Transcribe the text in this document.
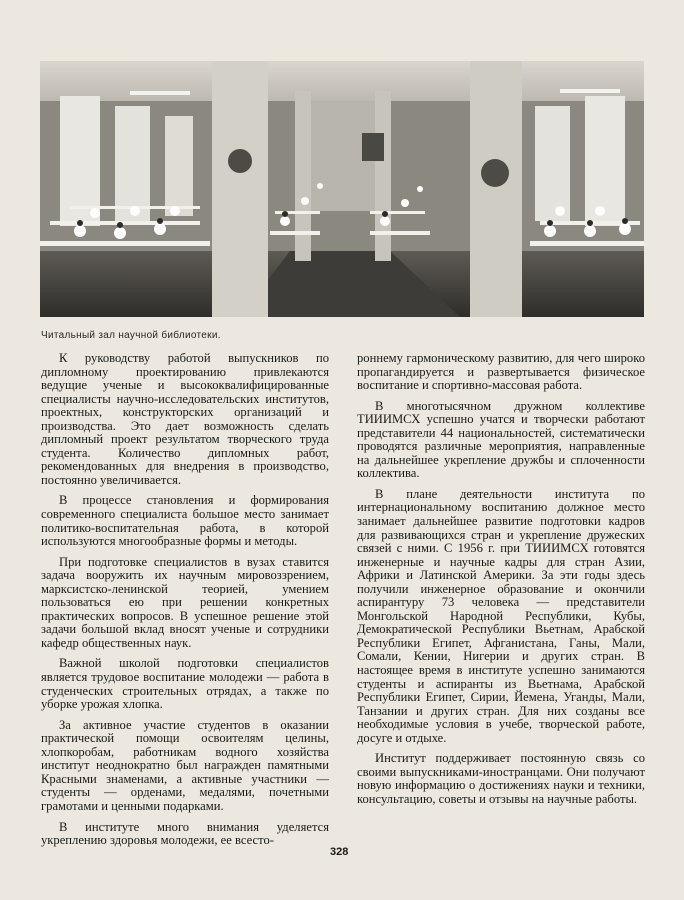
Читальный зал научной библиотеки.

К руководству работой выпускников по дипломному проектированию привлекаются ведущие ученые и высококвалифицированные специалисты научно-исследовательских институтов, проектных, конструкторских организаций и производства. Это дает возможность сделать дипломный проект результатом творческого труда студента. Количество дипломных работ, рекомендованных для внедрения в производство, постоянно увеличивается.

В процессе становления и формирования современного специалиста большое место занимает политико-воспитательная работа, в которой используются многообразные формы и методы.

При подготовке специалистов в вузах ставится задача вооружить их научным мировоззрением, марксистско-ленинской теорией, умением пользоваться ею при решении конкретных практических вопросов. В успешное решение этой задачи большой вклад вносят ученые и сотрудники кафедр общественных наук.

Важной школой подготовки специалистов является трудовое воспитание молодежи — работа в студенческих строительных отрядах, а также по уборке урожая хлопка.

За активное участие студентов в оказании практической помощи освоителям целины, хлопкоробам, работникам водного хозяйства институт неоднократно был награжден памятными Красными знаменами, а активные участники — студенты — орденами, медалями, почетными грамотами и ценными подарками.

В институте много внимания уделяется укреплению здоровья молодежи, ее всесто-

роннему гармоническому развитию, для чего широко пропагандируется и развертывается физическое воспитание и спортивно-массовая работа.

В многотысячном дружном коллективе ТИИИМСХ успешно учатся и творчески работают представители 44 национальностей, систематически проводятся различные мероприятия, направленные на дальнейшее укрепление дружбы и сплоченности коллектива.

В плане деятельности института по интернациональному воспитанию должное место занимает дальнейшее развитие подготовки кадров для развивающихся стран и укрепление дружеских связей с ними. С 1956 г. при ТИИИМСХ готовятся инженерные и научные кадры для стран Азии, Африки и Латинской Америки. За эти годы здесь получили инженерное образование и окончили аспирантуру 73 человека — представители Монгольской Народной Республики, Кубы, Демократической Республики Вьетнам, Арабской Республики Египет, Афганистана, Ганы, Мали, Сомали, Кении, Нигерии и других стран. В настоящее время в институте успешно занимаются студенты и аспиранты из Вьетнама, Арабской Республики Египет, Сирии, Йемена, Уганды, Мали, Танзании и других стран. Для них созданы все необходимые условия в учебе, творческой работе, досуге и отдыхе.

Институт поддерживает постоянную связь со своими выпускниками-иностранцами. Они получают новую информацию о достижениях науки и техники, консультацию, советы и отзывы на научные работы.

328
